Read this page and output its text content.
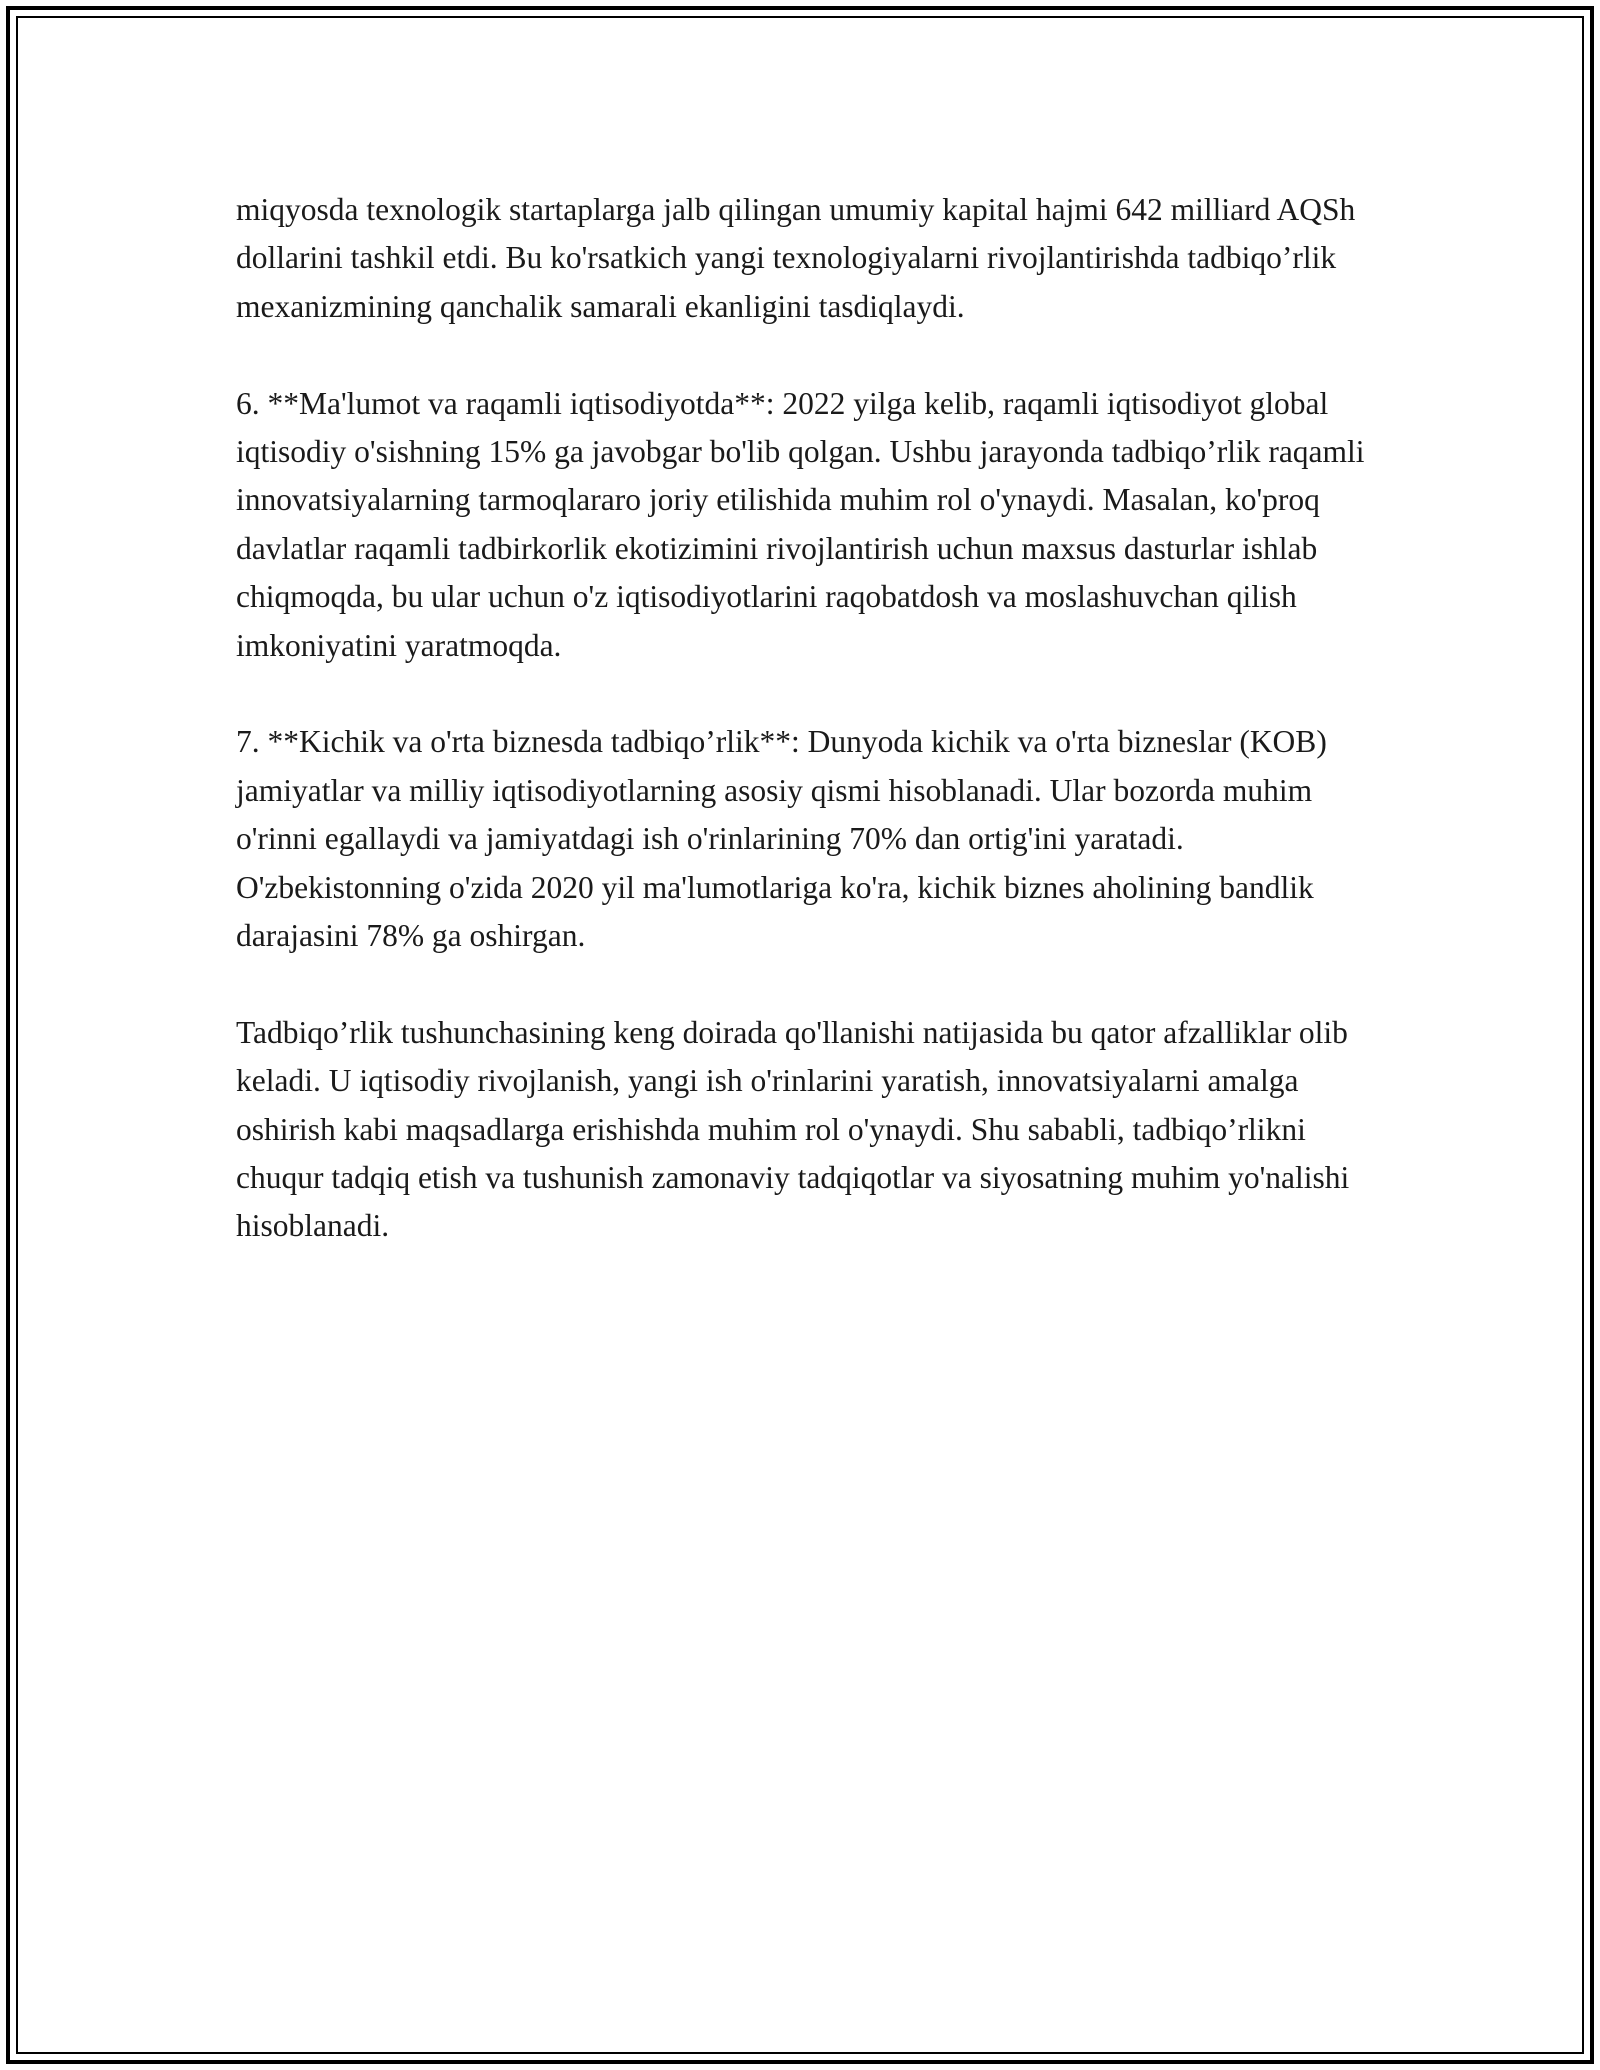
miqyosda texnologik startaplarga jalb qilingan umumiy kapital hajmi 642 milliard AQSh dollarini tashkil etdi. Bu ko'rsatkich yangi texnologiyalarni rivojlantirishda tadbiqo’rlik mexanizmining qanchalik samarali ekanligini tasdiqlaydi.

6. **Ma'lumot va raqamli iqtisodiyotda**: 2022 yilga kelib, raqamli iqtisodiyot global iqtisodiy o'sishning 15% ga javobgar bo'lib qolgan. Ushbu jarayonda tadbiqo’rlik raqamli innovatsiyalarning tarmoqlararo joriy etilishida muhim rol o'ynaydi. Masalan, ko'proq davlatlar raqamli tadbirkorlik ekotizimini rivojlantirish uchun maxsus dasturlar ishlab chiqmoqda, bu ular uchun o'z iqtisodiyotlarini raqobatdosh va moslashuvchan qilish imkoniyatini yaratmoqda.

7. **Kichik va o'rta biznesda tadbiqo’rlik**: Dunyoda kichik va o'rta bizneslar (KOB) jamiyatlar va milliy iqtisodiyotlarning asosiy qismi hisoblanadi. Ular bozorda muhim o'rinni egallaydi va jamiyatdagi ish o'rinlarining 70% dan ortig'ini yaratadi. O'zbekistonning o'zida 2020 yil ma'lumotlariga ko'ra, kichik biznes aholining bandlik darajasini 78% ga oshirgan.

Tadbiqo’rlik tushunchasining keng doirada qo'llanishi natijasida bu qator afzalliklar olib keladi. U iqtisodiy rivojlanish, yangi ish o'rinlarini yaratish, innovatsiyalarni amalga oshirish kabi maqsadlarga erishishda muhim rol o'ynaydi. Shu sababli, tadbiqo’rlikni chuqur tadqiq etish va tushunish zamonaviy tadqiqotlar va siyosatning muhim yo'nalishi hisoblanadi.
